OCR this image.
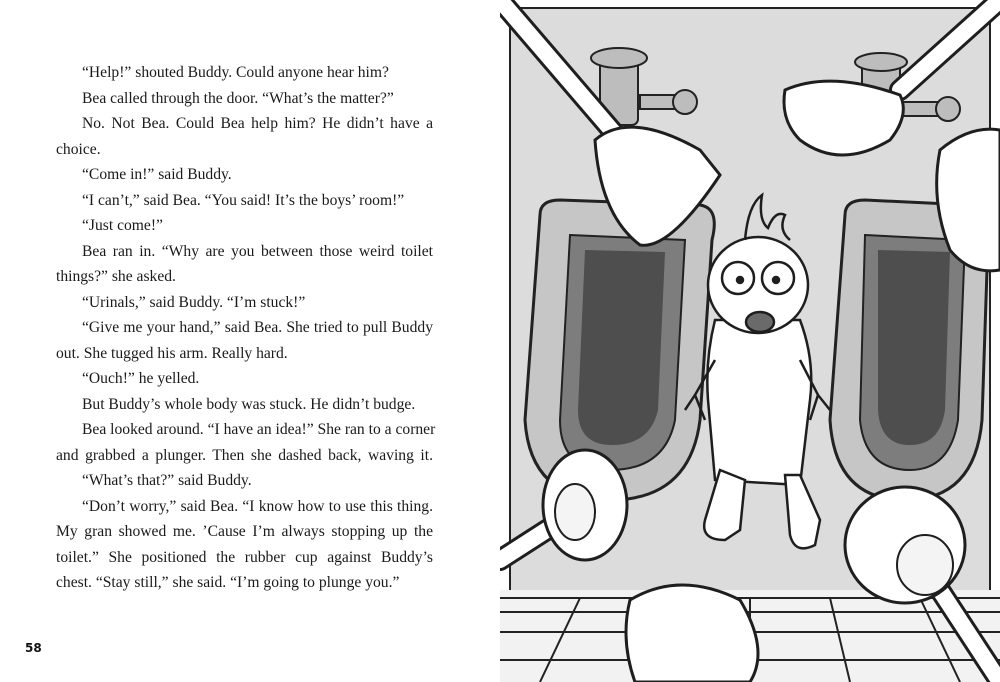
“Help!” shouted Buddy. Could anyone hear him?
Bea called through the door. “What’s the matter?”
No. Not Bea. Could Bea help him? He didn’t have a
choice.
“Come in!” said Buddy.
“I can’t,” said Bea. “You said! It’s the boys’ room!”
“Just come!”
Bea ran in. “Why are you between those weird toilet
things?” she asked.
“Urinals,” said Buddy. “I’m stuck!”
“Give me your hand,” said Bea. She tried to pull Buddy
out. She tugged his arm. Really hard.
“Ouch!” he yelled.
But Buddy’s whole body was stuck. He didn’t budge.
Bea looked around. “I have an idea!” She ran to a corner
and grabbed a plunger. Then she dashed back, waving it.
“What’s that?” said Buddy.
“Don’t worry,” said Bea. “I know how to use this thing.
My gran showed me. ’Cause I’m always stopping up the
toilet.” She positioned the rubber cup against Buddy’s
chest. “Stay still,” she said. “I’m going to plunge you.”
58
